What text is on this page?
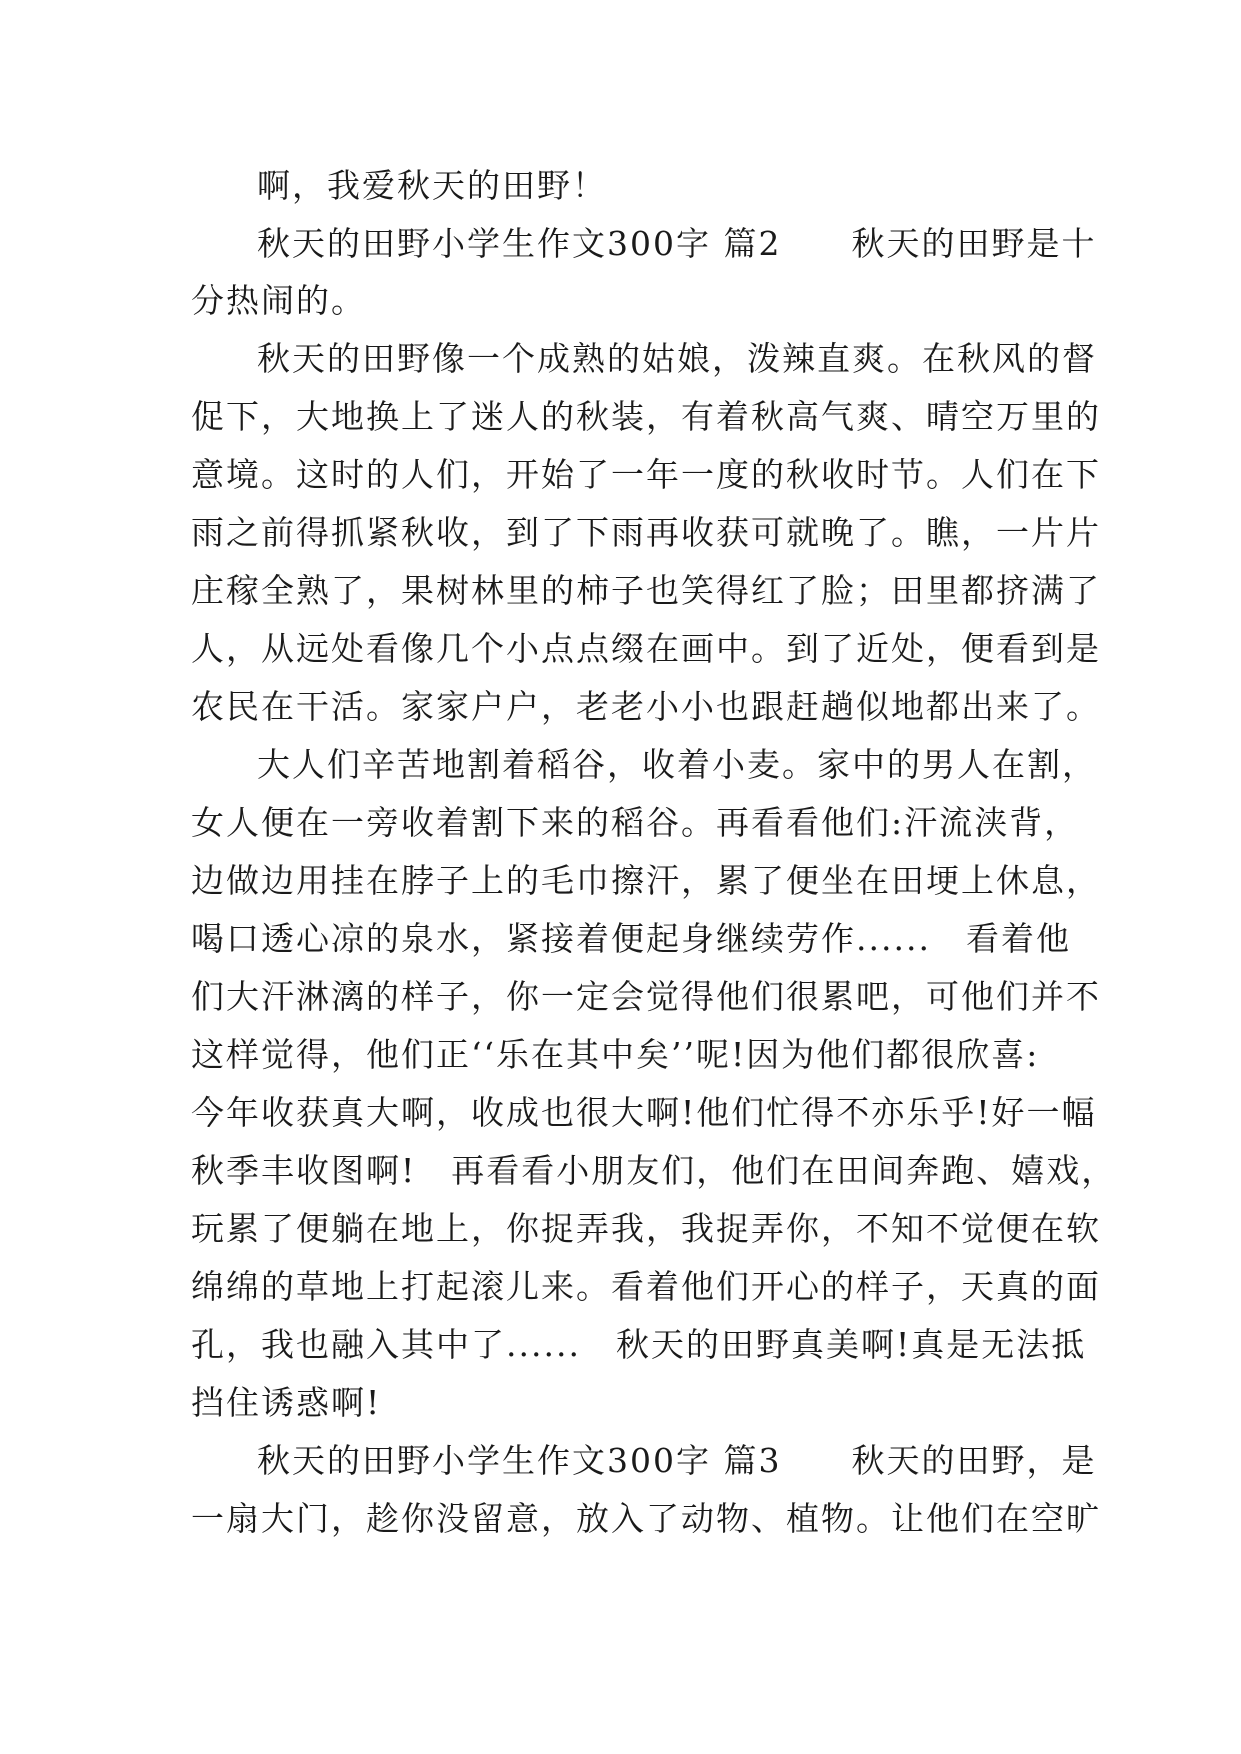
啊，我爱秋天的田野！
秋天的田野小学生作文300字 篇2　　秋天的田野是十
分热闹的。
秋天的田野像一个成熟的姑娘，泼辣直爽。在秋风的督
促下，大地换上了迷人的秋装，有着秋高气爽、晴空万里的
意境。这时的人们，开始了一年一度的秋收时节。人们在下
雨之前得抓紧秋收，到了下雨再收获可就晚了。瞧，一片片
庄稼全熟了，果树林里的柿子也笑得红了脸；田里都挤满了
人，从远处看像几个小点点缀在画中。到了近处，便看到是
农民在干活。家家户户，老老小小也跟赶趟似地都出来了。
大人们辛苦地割着稻谷，收着小麦。家中的男人在割，
女人便在一旁收着割下来的稻谷。再看看他们:汗流浃背，
边做边用挂在脖子上的毛巾擦汗，累了便坐在田埂上休息，
喝口透心凉的泉水，紧接着便起身继续劳作......　看着他
们大汗淋漓的样子，你一定会觉得他们很累吧，可他们并不
这样觉得，他们正‘‘乐在其中矣’’呢!因为他们都很欣喜:
今年收获真大啊，收成也很大啊!他们忙得不亦乐乎!好一幅
秋季丰收图啊!　再看看小朋友们，他们在田间奔跑、嬉戏，
玩累了便躺在地上，你捉弄我，我捉弄你，不知不觉便在软
绵绵的草地上打起滚儿来。看着他们开心的样子，天真的面
孔，我也融入其中了......　秋天的田野真美啊!真是无法抵
挡住诱惑啊!
秋天的田野小学生作文300字 篇3　　秋天的田野，是
一扇大门，趁你没留意，放入了动物、植物。让他们在空旷
